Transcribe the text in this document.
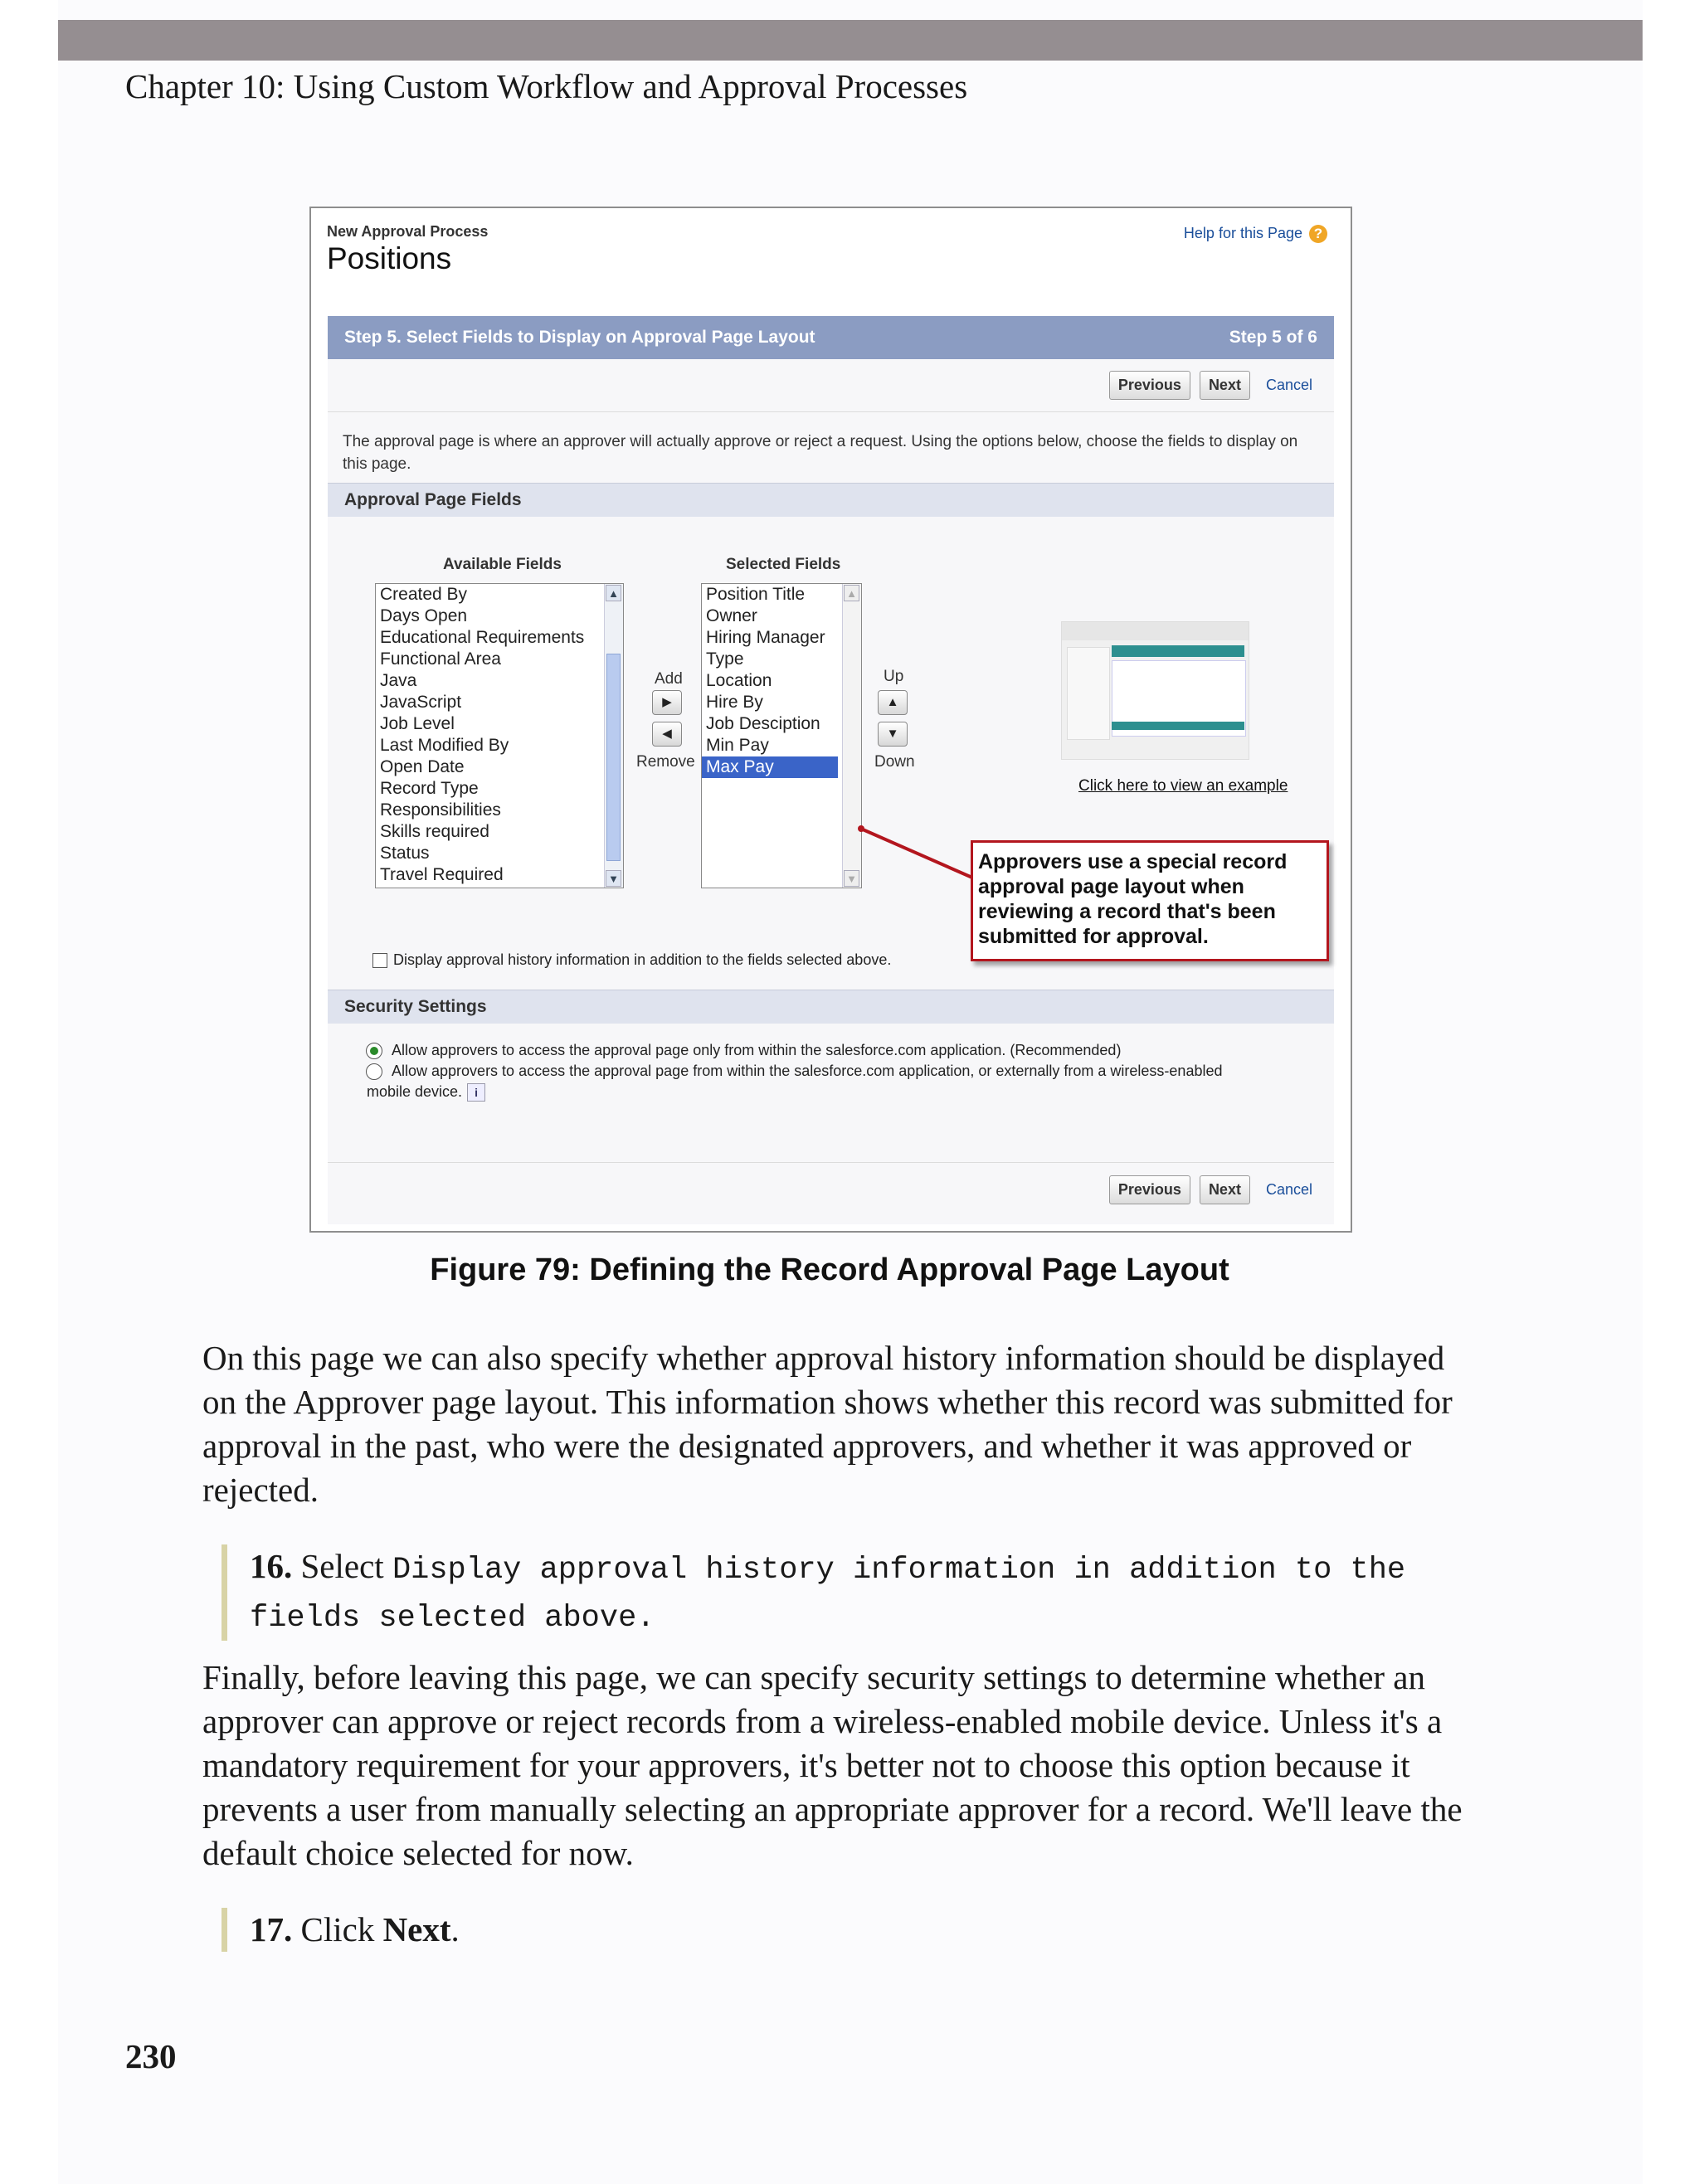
Chapter 10: Using Custom Workflow and Approval Processes
New Approval Process
Positions
Help for this Page ?
Step 5. Select Fields to Display on Approval Page Layout	Step 5 of 6
Previous Next Cancel
The approval page is where an approver will actually approve or reject a request. Using the options below, choose the fields to display on this page.
Approval Page Fields
Available Fields	Selected Fields
Created By
Days Open
Educational Requirements
Functional Area
Java
JavaScript
Job Level
Last Modified By
Open Date
Record Type
Responsibilities
Skills required
Status
Travel Required
▲
▼
Add
▶
◀
Remove
Position Title
Owner
Hiring Manager
Type
Location
Hire By
Job Desciption
Min Pay
Max Pay
▲
▼
Up
▲
▼
Down
Click here to view an example
Display approval history information in addition to the fields selected above.
Security Settings
Allow approvers to access the approval page only from within the salesforce.com application. (Recommended)
Allow approvers to access the approval page from within the salesforce.com application, or externally from a wireless-enabled
mobile device. i
Previous Next Cancel
Approvers use a special record approval page layout when reviewing a record that's been submitted for approval.
Figure 79: Defining the Record Approval Page Layout
On this page we can also specify whether approval history information should be displayed on the Approver page layout. This information shows whether this record was submitted for approval in the past, who were the designated approvers, and whether it was approved or rejected.
16. Select Display approval history information in addition to the fields selected above.
Finally, before leaving this page, we can specify security settings to determine whether an approver can approve or reject records from a wireless-enabled mobile device. Unless it's a mandatory requirement for your approvers, it's better not to choose this option because it prevents a user from manually selecting an appropriate approver for a record. We'll leave the default choice selected for now.
17. Click Next.
230
